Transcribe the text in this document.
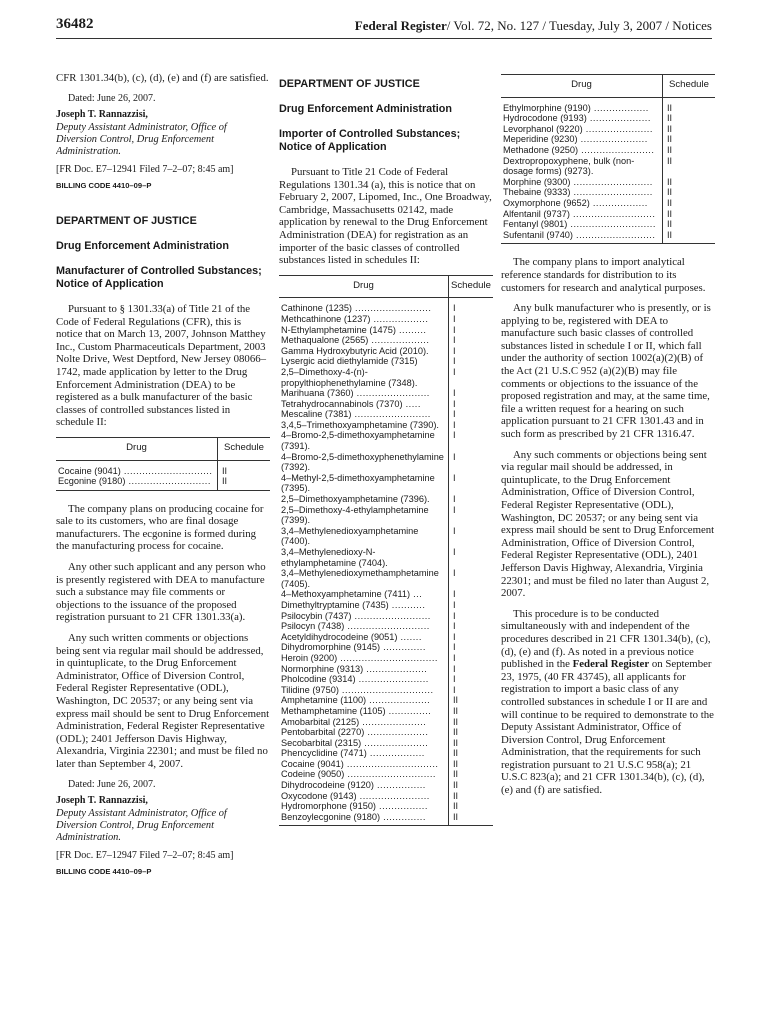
36482	Federal Register/ Vol. 72, No. 127 / Tuesday, July 3, 2007 / Notices

CFR 1301.34(b), (c), (d), (e) and (f) are satisfied.

Dated: June 26, 2007.

Joseph T. Rannazzisi,

Deputy Assistant Administrator, Office of Diversion Control, Drug Enforcement Administration.

[FR Doc. E7–12941 Filed 7–2–07; 8:45 am]

BILLING CODE 4410–09–P

DEPARTMENT OF JUSTICE

Drug Enforcement Administration

Manufacturer of Controlled Substances; Notice of Application

Pursuant to § 1301.33(a) of Title 21 of the Code of Federal Regulations (CFR), this is notice that on March 13, 2007, Johnson Matthey Inc., Custom Pharmaceuticals Department, 2003 Nolte Drive, West Deptford, New Jersey 08066–1742, made application by letter to the Drug Enforcement Administration (DEA) to be registered as a bulk manufacturer of the basic classes of controlled substances listed in schedule II:

Drug	Schedule
Cocaine (9041) .............................	II
Ecgonine (9180) ...........................	II

The company plans on producing cocaine for sale to its customers, who are final dosage manufacturers. The ecgonine is formed during the manufacturing process for cocaine.

Any other such applicant and any person who is presently registered with DEA to manufacture such a substance may file comments or objections to the issuance of the proposed registration pursuant to 21 CFR 1301.33(a).

Any such written comments or objections being sent via regular mail should be addressed, in quintuplicate, to the Drug Enforcement Administrator, Office of Diversion Control, Federal Register Representative (ODL), Washington, DC 20537; or any being sent via express mail should be sent to Drug Enforcement Administration, Federal Register Representative (ODL); 2401 Jefferson Davis Highway, Alexandria, Virginia 22301; and must be filed no later than September 4, 2007.

Dated: June 26, 2007.

Joseph T. Rannazzisi,

Deputy Assistant Administrator, Office of Diversion Control, Drug Enforcement Administration.

[FR Doc. E7–12947 Filed 7–2–07; 8:45 am]

BILLING CODE 4410–09–P

DEPARTMENT OF JUSTICE

Drug Enforcement Administration

Importer of Controlled Substances; Notice of Application

Pursuant to Title 21 Code of Federal Regulations 1301.34 (a), this is notice that on February 2, 2007, Lipomed, Inc., One Broadway, Cambridge, Massachusetts 02142, made application by renewal to the Drug Enforcement Administration (DEA) for registration as an importer of the basic classes of controlled substances listed in schedules II:

Drug	Schedule
Cathinone (1235) .........................	I
Methcathinone (1237) ..................	I
N-Ethylamphetamine (1475) .........	I
Methaqualone (2565) ...................	I
Gamma Hydroxybutyric Acid (2010).	I
Lysergic acid diethylamide (7315)	I
2,5–Dimethoxy-4-(n)-propylthiophenethylamine (7348).	I
Marihuana (7360) ........................	I
Tetrahydrocannabinols (7370) .....	I
Mescaline (7381) .........................	I
3,4,5–Trimethoxyamphetamine (7390).	I
4–Bromo-2,5-dimethoxyamphetamine (7391).	I
4–Bromo-2,5-dimethoxyphenethylamine (7392).	I
4–Methyl-2,5-dimethoxyamphetamine (7395).	I
2,5–Dimethoxyamphetamine (7396).	I
2,5–Dimethoxy-4-ethylamphetamine (7399).	I
3,4–Methylenedioxyamphetamine (7400).	I
3,4–Methylenedioxy-N-ethylamphetamine (7404).	I
3,4–Methylenedioxymethamphetamine (7405).	I
4–Methoxyamphetamine (7411) ...	I
Dimethyltryptamine (7435) ...........	I
Psilocybin (7437) .........................	I
Psilocyn (7438) ...........................	I
Acetyldihydrocodeine (9051) .......	I
Dihydromorphine (9145) ..............	I
Heroin (9200) ................................	I
Normorphine (9313) ....................	I
Pholcodine (9314) .......................	I
Tilidine (9750) ..............................	I
Amphetamine (1100) ....................	II
Methamphetamine (1105) ..............	II
Amobarbital (2125) .....................	II
Pentobarbital (2270) ....................	II
Secobarbital (2315) .....................	II
Phencyclidine (7471) ..................	II
Cocaine (9041) ..............................	II
Codeine (9050) .............................	II
Dihydrocodeine (9120) ................	II
Oxycodone (9143) .......................	II
Hydromorphone (9150) ................	II
Benzoylecgonine (9180) ..............	II
Drug	Schedule
Ethylmorphine (9190) ..................	II
Hydrocodone (9193) ....................	II
Levorphanol (9220) ......................	II
Meperidine (9230) ......................	II
Methadone (9250) ........................	II
Dextropropoxyphene, bulk (non-dosage forms) (9273).	II
Morphine (9300) ..........................	II
Thebaine (9333) ..........................	II
Oxymorphone (9652) ..................	II
Alfentanil (9737) ...........................	II
Fentanyl (9801) ............................	II
Sufentanil (9740) ..........................	II

The company plans to import analytical reference standards for distribution to its customers for research and analytical purposes.

Any bulk manufacturer who is presently, or is applying to be, registered with DEA to manufacture such basic classes of controlled substances listed in schedule I or II, which fall under the authority of section 1002(a)(2)(B) of the Act (21 U.S.C 952 (a)(2)(B) may file comments or objections to the issuance of the proposed registration and may, at the same time, file a written request for a hearing on such application pursuant to 21 CFR 1301.43 and in such form as prescribed by 21 CFR 1316.47.

Any such comments or objections being sent via regular mail should be addressed, in quintuplicate, to the Drug Enforcement Administration, Office of Diversion Control, Federal Register Representative (ODL), Washington, DC 20537; or any being sent via express mail should be sent to Drug Enforcement Administration, Office of Diversion Control, Federal Register Representative (ODL), 2401 Jefferson Davis Highway, Alexandria, Virginia 22301; and must be filed no later than August 2, 2007.

This procedure is to be conducted simultaneously with and independent of the procedures described in 21 CFR 1301.34(b), (c), (d), (e) and (f). As noted in a previous notice published in the Federal Register on September 23, 1975, (40 FR 43745), all applicants for registration to import a basic class of any controlled substances in schedule I or II are and will continue to be required to demonstrate to the Deputy Assistant Administrator, Office of Diversion Control, Drug Enforcement Administration, that the requirements for such registration pursuant to 21 U.S.C 958(a); 21 U.S.C 823(a); and 21 CFR 1301.34(b), (c), (d), (e) and (f) are satisfied.
